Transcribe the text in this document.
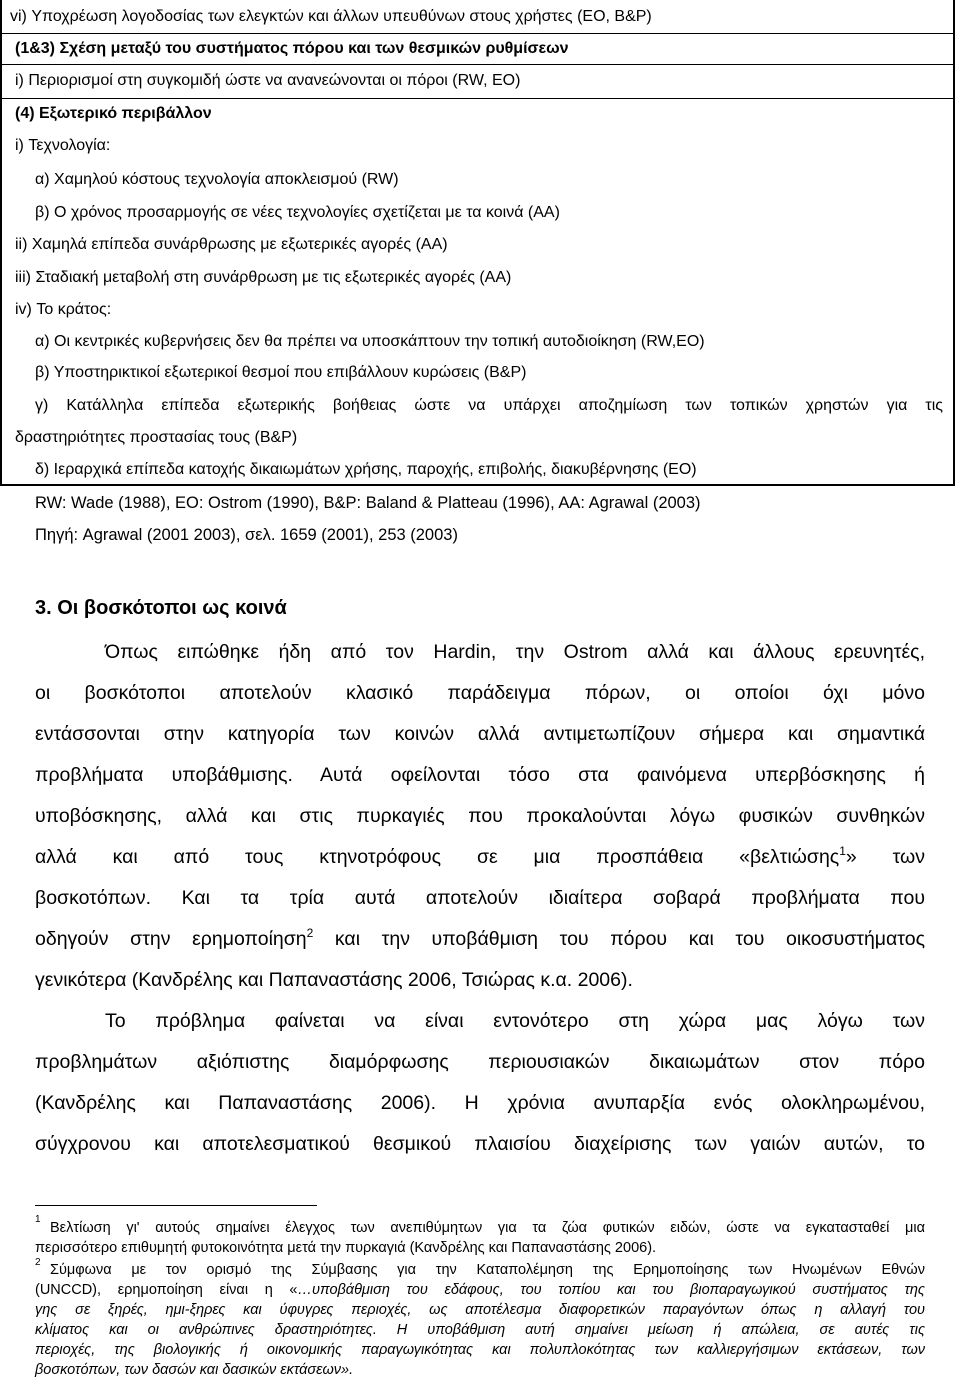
vi) Υποχρέωση λογοδοσίας των ελεγκτών και άλλων υπευθύνων στους χρήστες (ΕΟ, Β&Ρ)
(1&3) Σχέση μεταξύ του συστήματος πόρου και των θεσμικών ρυθμίσεων
i) Περιορισμοί στη συγκομιδή ώστε να ανανεώνονται οι πόροι (RW, EO)
(4) Εξωτερικό περιβάλλον
i) Τεχνολογία:
α) Χαμηλού κόστους τεχνολογία αποκλεισμού (RW)
β) Ο χρόνος προσαρμογής σε νέες τεχνολογίες σχετίζεται με τα κοινά (ΑΑ)
ii) Χαμηλά επίπεδα συνάρθρωσης με εξωτερικές αγορές (ΑΑ)
iii) Σταδιακή μεταβολή στη συνάρθρωση με τις εξωτερικές αγορές (ΑΑ)
iv) Το κράτος:
α) Οι κεντρικές κυβερνήσεις δεν θα πρέπει να υποσκάπτουν την τοπική αυτοδιοίκηση (RW,EO)
β) Υποστηρικτικοί εξωτερικοί θεσμοί που επιβάλλουν κυρώσεις (Β&Ρ)
γ) Κατάλληλα επίπεδα εξωτερικής βοήθειας ώστε να υπάρχει αποζημίωση των τοπικών χρηστών για τις
δραστηριότητες προστασίας τους (Β&Ρ)
δ) Ιεραρχικά επίπεδα κατοχής δικαιωμάτων χρήσης, παροχής, επιβολής, διακυβέρνησης (ΕΟ)
RW: Wade (1988), EO: Ostrom (1990), B&P: Baland & Platteau (1996), AA: Agrawal (2003)
Πηγή: Agrawal (2001 2003), σελ. 1659 (2001), 253 (2003)
3. Οι βοσκότοποι ως κοινά
Όπως ειπώθηκε ήδη από τον Hardin, την Ostrom αλλά και άλλους ερευνητές,
οι βοσκότοποι αποτελούν κλασικό παράδειγμα πόρων, οι οποίοι όχι μόνο
εντάσσονται στην κατηγορία των κοινών αλλά αντιμετωπίζουν σήμερα και σημαντικά
προβλήματα υποβάθμισης. Αυτά οφείλονται τόσο στα φαινόμενα υπερβόσκησης ή
υποβόσκησης, αλλά και στις πυρκαγιές που προκαλούνται λόγω φυσικών συνθηκών
αλλά και από τους κτηνοτρόφους σε μια προσπάθεια «βελτιώσης$^1$» των
βοσκοτόπων. Και τα τρία αυτά αποτελούν ιδιαίτερα σοβαρά προβλήματα που
οδηγούν στην ερημοποίηση$^2$ και την υποβάθμιση του πόρου και του οικοσυστήματος
γενικότερα (Κανδρέλης και Παπαναστάσης 2006, Τσιώρας κ.α. 2006).
Το πρόβλημα φαίνεται να είναι εντονότερο στη χώρα μας λόγω των
προβλημάτων αξιόπιστης διαμόρφωσης περιουσιακών δικαιωμάτων στον πόρο
(Κανδρέλης και Παπαναστάσης 2006). Η χρόνια ανυπαρξία ενός ολοκληρωμένου,
σύγχρονου και αποτελεσματικού θεσμικού πλαισίου διαχείρισης των γαιών αυτών, το
1
Βελτίωση γι' αυτούς σημαίνει έλεγχος των ανεπιθύμητων για τα ζώα φυτικών ειδών, ώστε να εγκατασταθεί μια
περισσότερο επιθυμητή φυτοκοινότητα μετά την πυρκαγιά (Κανδρέλης και Παπαναστάσης 2006).
2 Σύμφωνα με τον ορισμό της Σύμβασης για την Καταπολέμηση της Ερημοποίησης των Ηνωμένων Εθνών
(UNCCD), ερημοποίηση είναι η «…υποβάθμιση του εδάφους, του τοπίου και του βιοπαραγωγικού συστήματος της
γης σε ξηρές, ημι-ξηρες και ύφυγρες περιοχές, ως αποτέλεσμα διαφορετικών παραγόντων όπως η αλλαγή του
κλίματος και οι ανθρώπινες δραστηριότητες. Η υποβάθμιση αυτή σημαίνει μείωση ή απώλεια, σε αυτές τις
περιοχές, της βιολογικής ή οικονομικής παραγωγικότητας και πολυπλοκότητας των καλλιεργήσιμων εκτάσεων, των
βοσκοτόπων, των δασών και δασικών εκτάσεων».
